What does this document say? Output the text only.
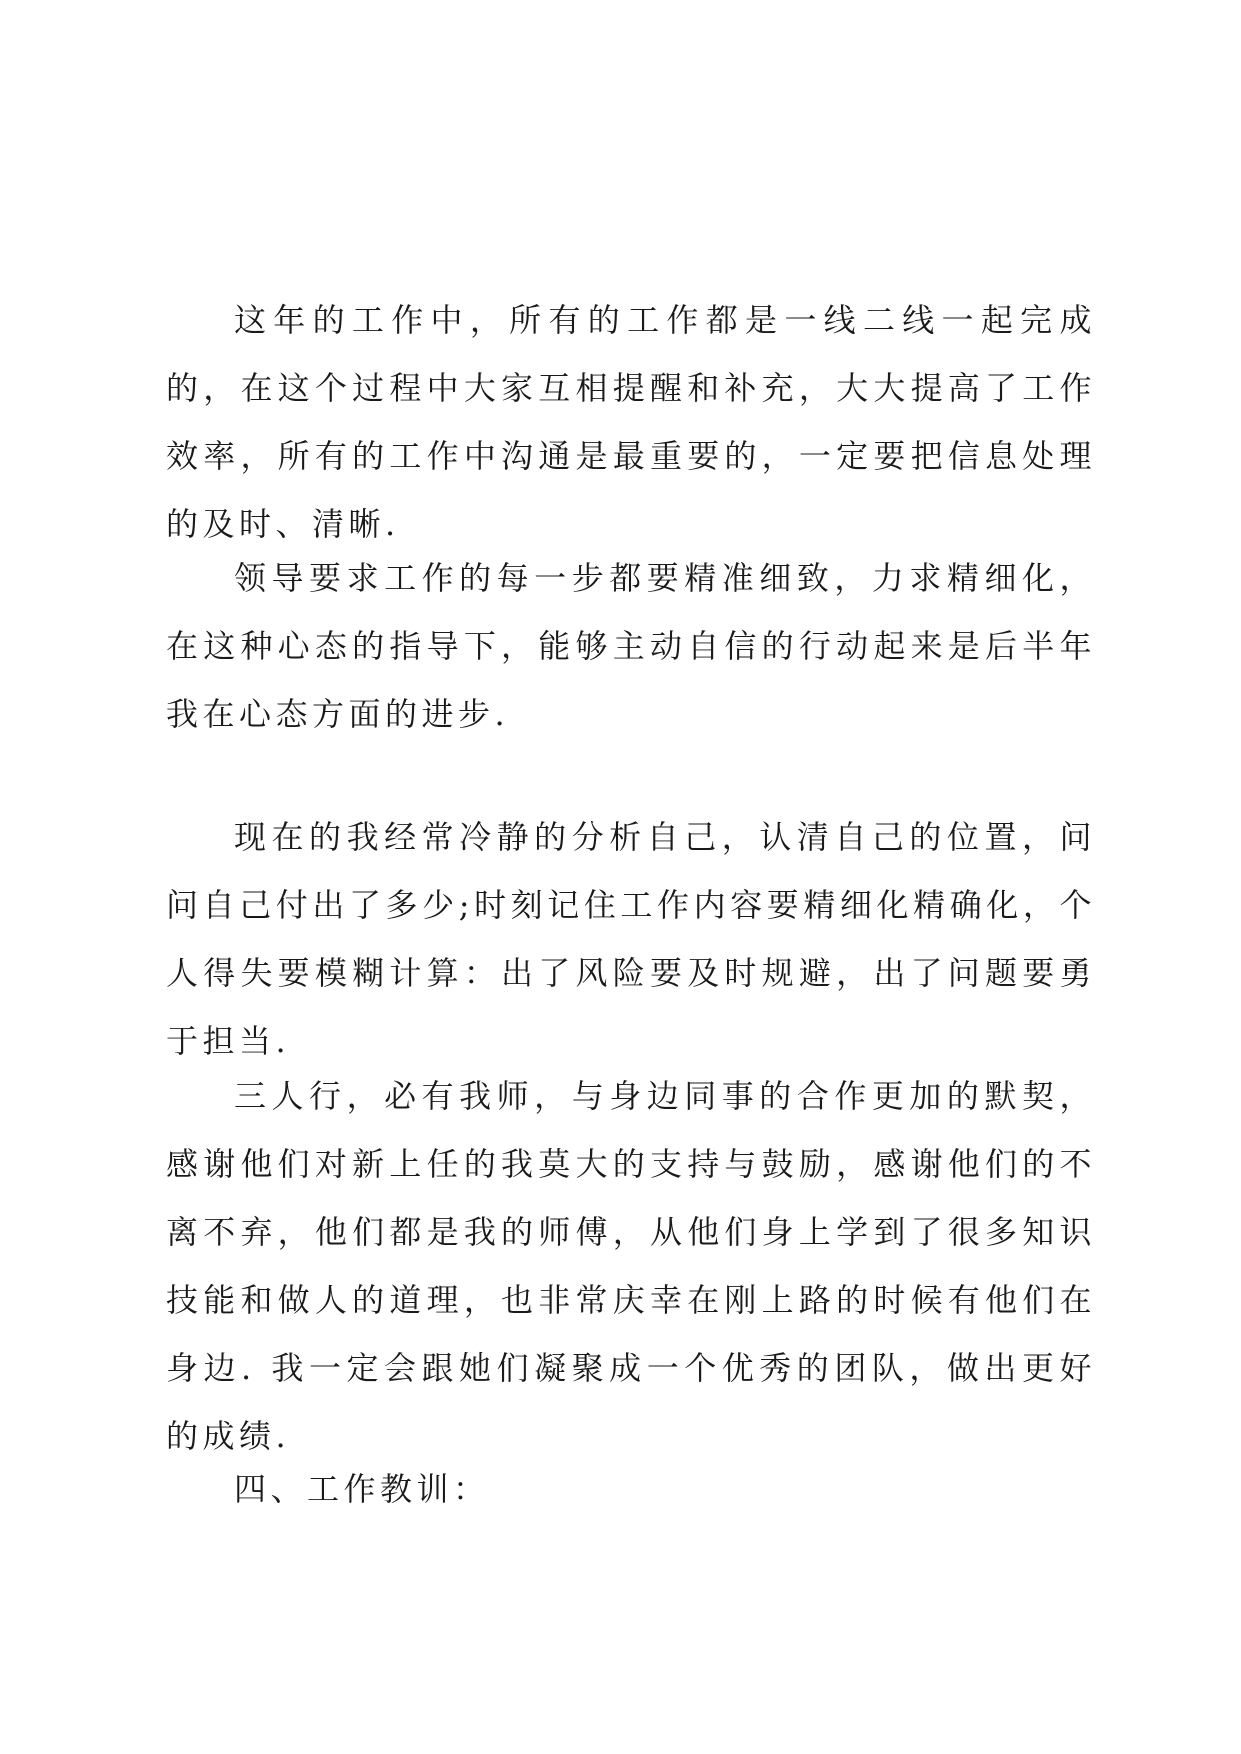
这年的工作中，所有的工作都是一线二线一起完成的，在这个过程中大家互相提醒和补充，大大提高了工作效率，所有的工作中沟通是最重要的，一定要把信息处理的及时、清晰.

领导要求工作的每一步都要精准细致，力求精细化，在这种心态的指导下，能够主动自信的行动起来是后半年我在心态方面的进步.

现在的我经常冷静的分析自己，认清自己的位置，问问自己付出了多少;时刻记住工作内容要精细化精确化，个人得失要模糊计算：出了风险要及时规避，出了问题要勇于担当.

三人行，必有我师，与身边同事的合作更加的默契，感谢他们对新上任的我莫大的支持与鼓励，感谢他们的不离不弃，他们都是我的师傅，从他们身上学到了很多知识技能和做人的道理，也非常庆幸在刚上路的时候有他们在身边. 我一定会跟她们凝聚成一个优秀的团队，做出更好的成绩.

四、工作教训：
